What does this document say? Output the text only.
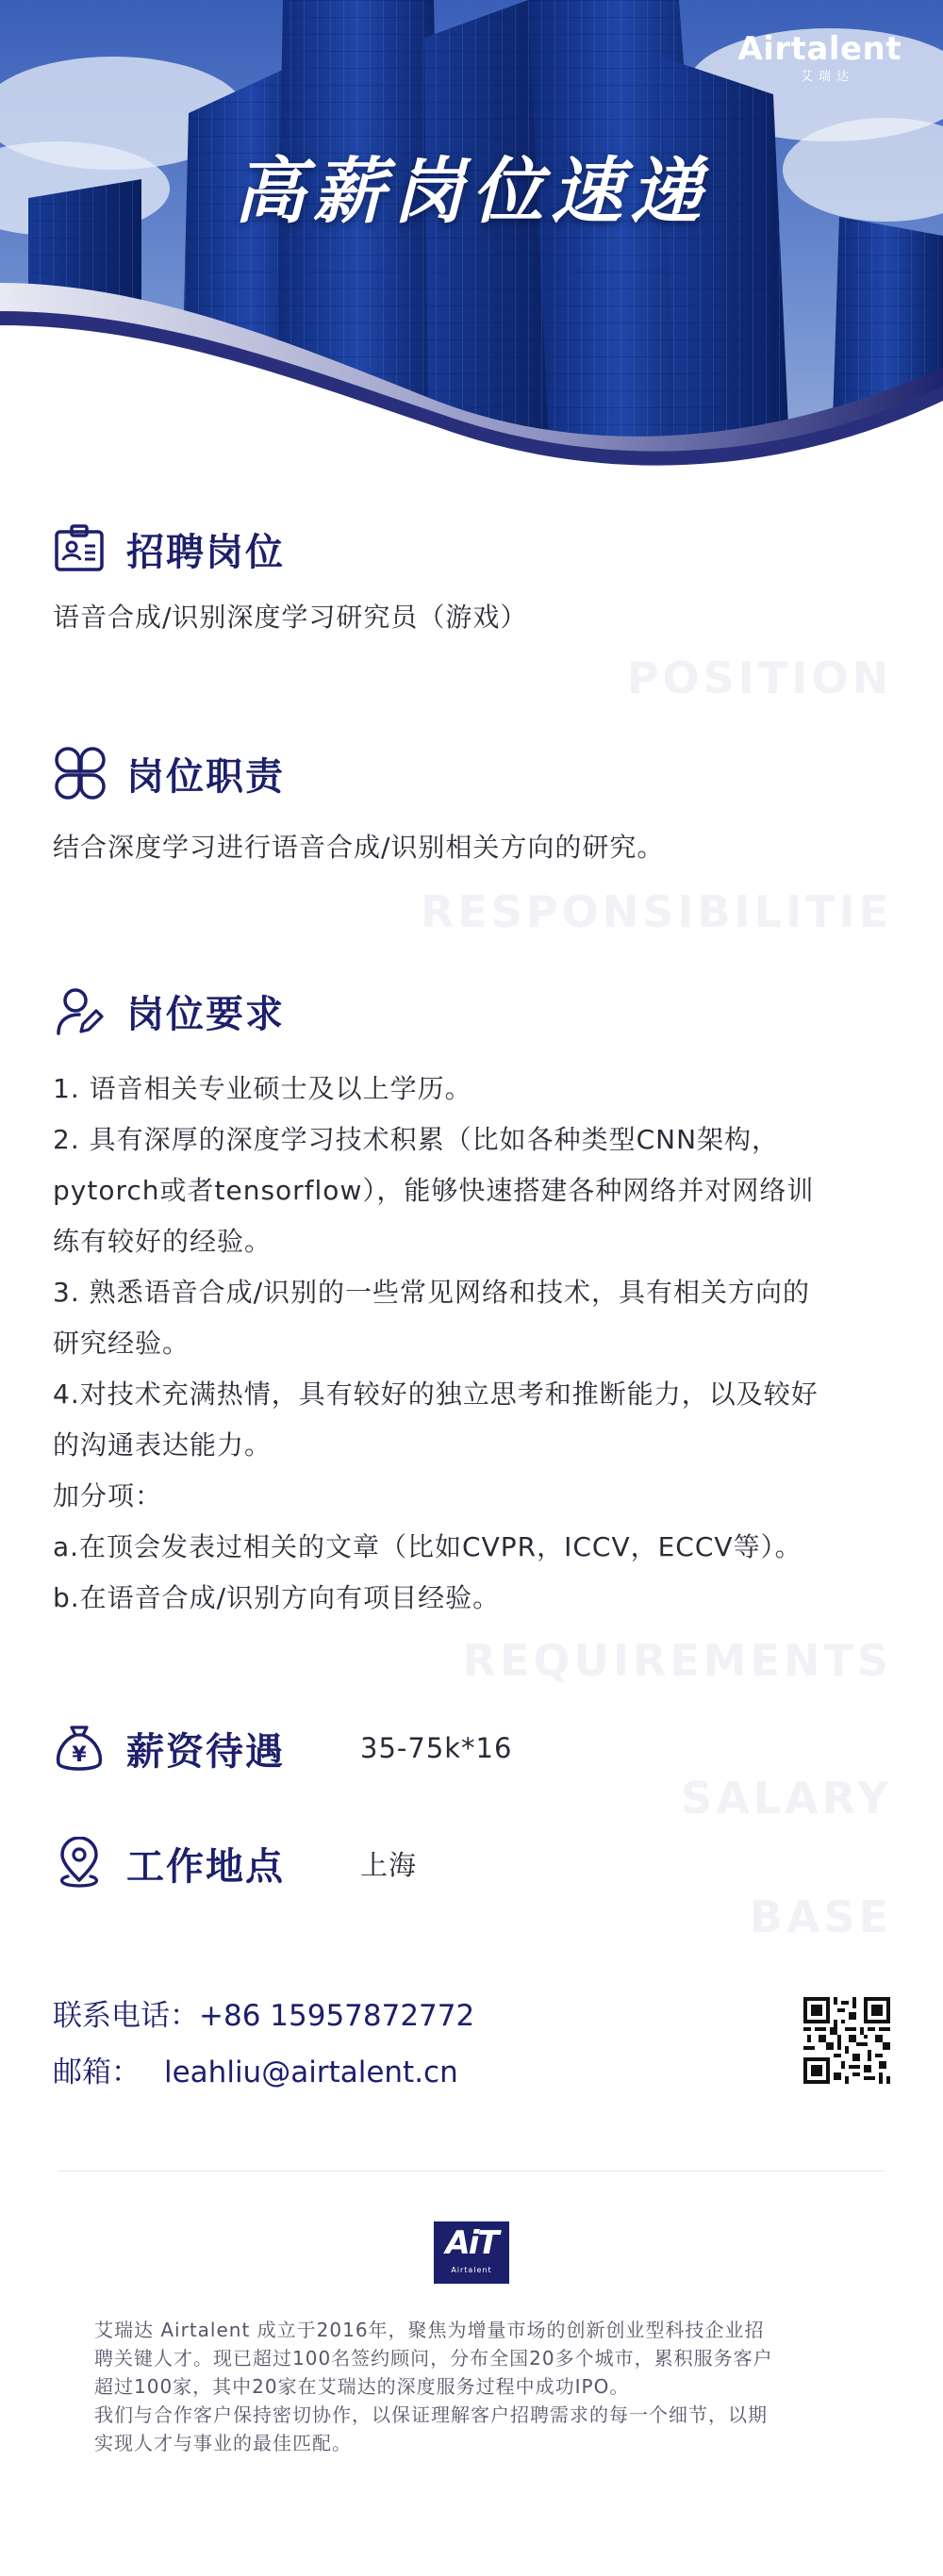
Airtalent
艾瑞达
高薪岗位速递
POSITION
招聘岗位
语音合成/识别深度学习研究员（游戏）
RESPONSIBILITIE
岗位职责
结合深度学习进行语音合成/识别相关方向的研究。
REQUIREMENTS
岗位要求
1. 语音相关专业硕士及以上学历。
2. 具有深厚的深度学习技术积累（比如各种类型CNN架构，
pytorch或者tensorflow），能够快速搭建各种网络并对网络训
练有较好的经验。
3. 熟悉语音合成/识别的一些常见网络和技术，具有相关方向的
研究经验。
4.对技术充满热情，具有较好的独立思考和推断能力，以及较好
的沟通表达能力。
加分项：
a.在顶会发表过相关的文章（比如CVPR，ICCV，ECCV等）。
b.在语音合成/识别方向有项目经验。
SALARY
¥ 薪资待遇	35-75k*16
BASE
工作地点	上海
联系电话：+86 15957872772
邮箱： leahliu@airtalent.cn
AiT
Airtalent

艾瑞达 Airtalent 成立于2016年，聚焦为增量市场的创新创业型科技企业招

聘关键人才。现已超过100名签约顾问，分布全国20多个城市，累积服务客户

超过100家，其中20家在艾瑞达的深度服务过程中成功IPO。

我们与合作客户保持密切协作，以保证理解客户招聘需求的每一个细节，以期

实现人才与事业的最佳匹配。
